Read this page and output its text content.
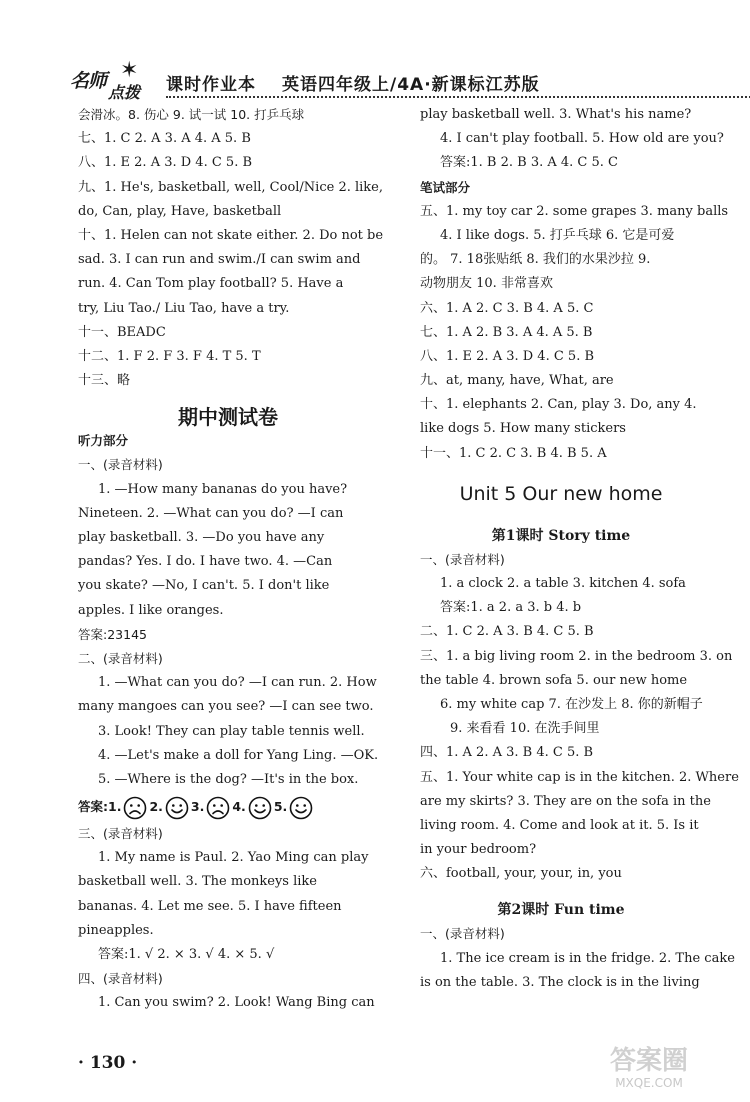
名师 ✶
点拨 课时作业本 英语四年级上/4A·新课标江苏版
会滑冰。8. 伤心 9. 试一试 10. 打乒乓球
七、1. C 2. A 3. A 4. A 5. B
八、1. E 2. A 3. D 4. C 5. B
九、1. He's, basketball, well, Cool/Nice 2. like,
do, Can, play, Have, basketball
十、1. Helen can not skate either. 2. Do not be
sad. 3. I can run and swim./I can swim and
run. 4. Can Tom play football? 5. Have a
try, Liu Tao./ Liu Tao, have a try.
十一、BEADC
十二、1. F 2. F 3. F 4. T 5. T
十三、略
期中测试卷
听力部分
一、(录音材料)
1. —How many bananas do you have?
Nineteen. 2. —What can you do? —I can
play basketball. 3. —Do you have any
pandas? Yes. I do. I have two. 4. —Can
you skate? —No, I can't. 5. I don't like
apples. I like oranges.
答案:23145
二、(录音材料)
1. —What can you do? —I can run. 2. How
many mangoes can you see? —I can see two.
3. Look! They can play table tennis well.
4. —Let's make a doll for Yang Ling. —OK.
5. —Where is the dog? —It's in the box.
答案:1. 2. 3. 4. 5.
三、(录音材料)
1. My name is Paul. 2. Yao Ming can play
basketball well. 3. The monkeys like
bananas. 4. Let me see. 5. I have fifteen
pineapples.
答案:1. √ 2. × 3. √ 4. × 5. √
四、(录音材料)
1. Can you swim? 2. Look! Wang Bing can
play basketball well. 3. What's his name?
4. I can't play football. 5. How old are you?
答案:1. B 2. B 3. A 4. C 5. C
笔试部分
五、1. my toy car 2. some grapes 3. many balls
4. I like dogs. 5. 打乒乓球 6. 它是可爱
的。 7. 18张贴纸 8. 我们的水果沙拉 9.
动物朋友 10. 非常喜欢
六、1. A 2. C 3. B 4. A 5. C
七、1. A 2. B 3. A 4. A 5. B
八、1. E 2. A 3. D 4. C 5. B
九、at, many, have, What, are
十、1. elephants 2. Can, play 3. Do, any 4.
like dogs 5. How many stickers
十一、1. C 2. C 3. B 4. B 5. A
Unit 5 Our new home
第1课时 Story time
一、(录音材料)
1. a clock 2. a table 3. kitchen 4. sofa
答案:1. a 2. a 3. b 4. b
二、1. C 2. A 3. B 4. C 5. B
三、1. a big living room 2. in the bedroom 3. on
the table 4. brown sofa 5. our new home
6. my white cap 7. 在沙发上 8. 你的新帽子
9. 来看看 10. 在洗手间里
四、1. A 2. A 3. B 4. C 5. B
五、1. Your white cap is in the kitchen. 2. Where
are my skirts? 3. They are on the sofa in the
living room. 4. Come and look at it. 5. Is it
in your bedroom?
六、football, your, your, in, you
第2课时 Fun time
一、(录音材料)
1. The ice cream is in the fridge. 2. The cake
is on the table. 3. The clock is in the living
· 130 ·	答案圈
MXQE.COM
